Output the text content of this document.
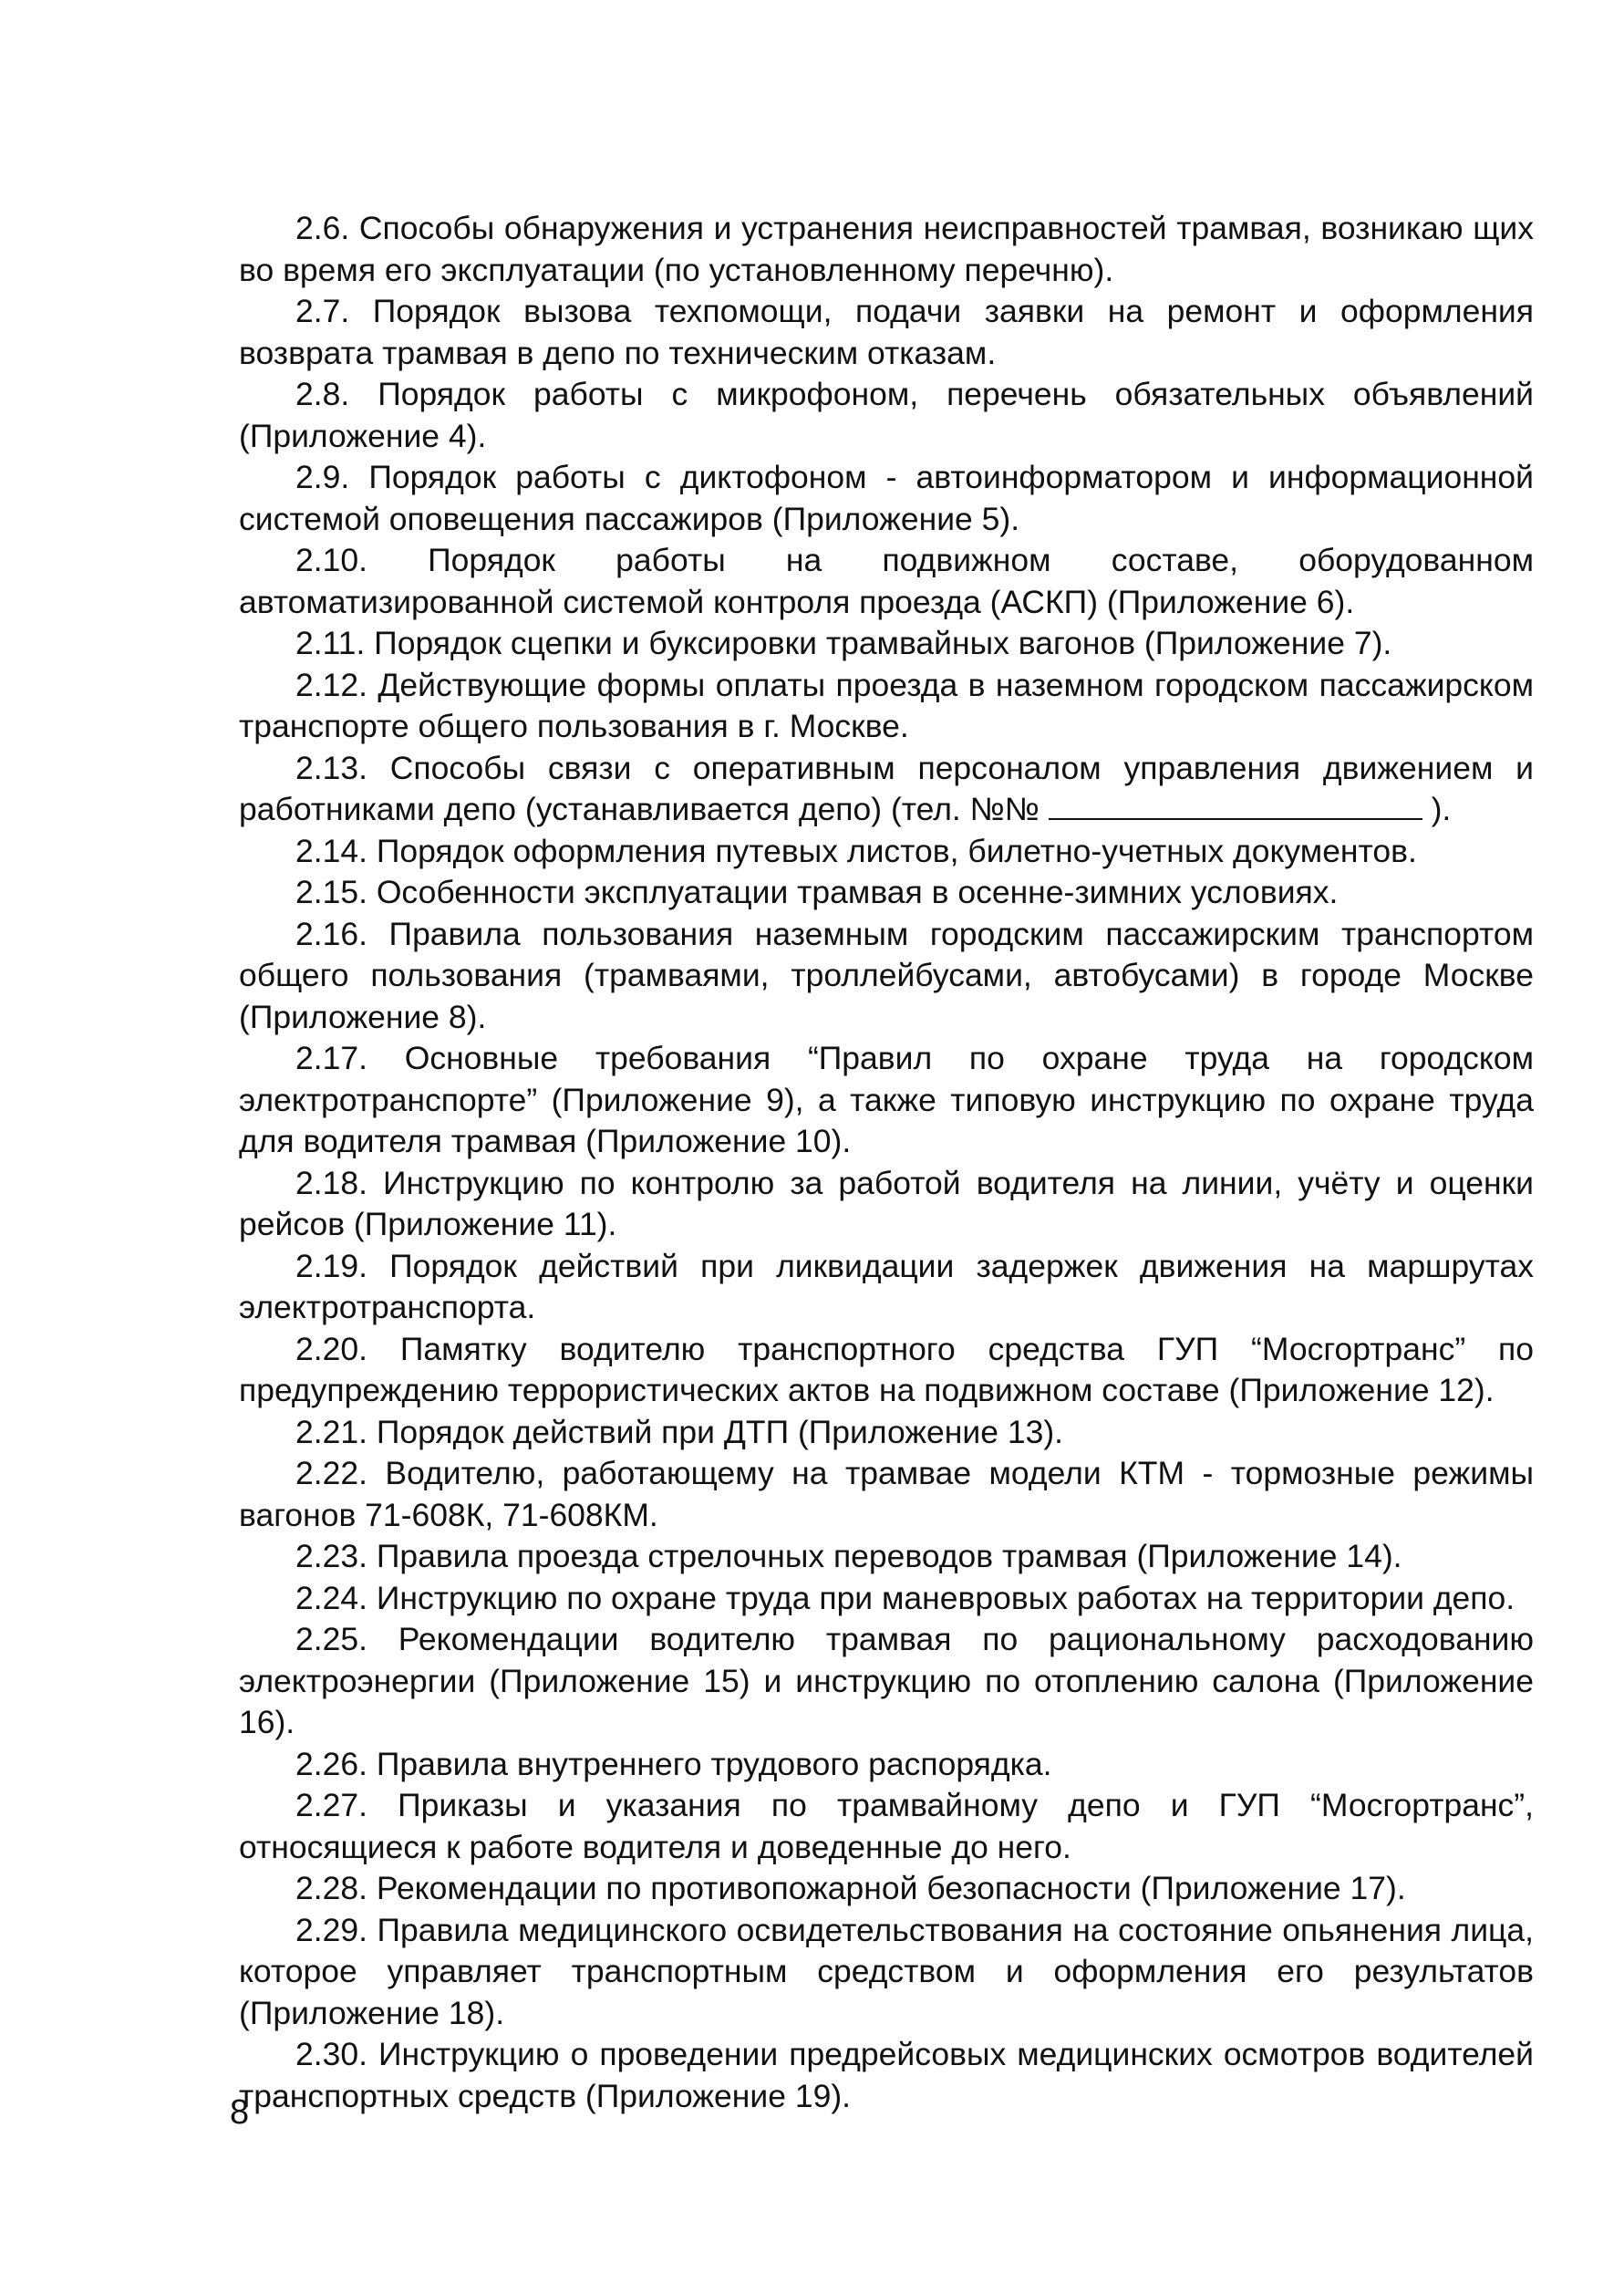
2.6. Способы обнаружения и устранения неисправностей трамвая, возникаю щих во время его эксплуатации (по установленному перечню).

2.7. Порядок вызова техпомощи, подачи заявки на ремонт и оформления возврата трамвая в депо по техническим отказам.

2.8. Порядок работы с микрофоном, перечень обязательных объявлений (Приложение 4).

2.9. Порядок работы с диктофоном - автоинформатором и информационной системой оповещения пассажиров (Приложение 5).

2.10. Порядок работы на подвижном составе, оборудованном автоматизированной системой контроля проезда (АСКП) (Приложение 6).

2.11. Порядок сцепки и буксировки трамвайных вагонов (Приложение 7).

2.12. Действующие формы оплаты проезда в наземном городском пассажирском транспорте общего пользования в г. Москве.

2.13. Способы связи с оперативным персоналом управления движением и работниками депо (устанавливается депо) (тел. №№	).

2.14. Порядок оформления путевых листов, билетно-учетных документов.

2.15. Особенности эксплуатации трамвая в осенне-зимних условиях.

2.16. Правила пользования наземным городским пассажирским транспортом общего пользования (трамваями, троллейбусами, автобусами) в городе Москве (Приложение 8).

2.17. Основные требования “Правил по охране труда на городском электротранспорте” (Приложение 9), а также типовую инструкцию по охране труда для водителя трамвая (Приложение 10).

2.18. Инструкцию по контролю за работой водителя на линии, учёту и оценки рейсов (Приложение 11).

2.19. Порядок действий при ликвидации задержек движения на маршрутах электротранспорта.

2.20. Памятку водителю транспортного средства ГУП “Мосгортранс” по предупреждению террористических актов на подвижном составе (Приложение 12).

2.21. Порядок действий при ДТП (Приложение 13).

2.22. Водителю, работающему на трамвае модели КТМ - тормозные режимы вагонов 71-608К, 71-608КМ.

2.23. Правила проезда стрелочных переводов трамвая (Приложение 14).

2.24. Инструкцию по охране труда при маневровых работах на территории депо.

2.25. Рекомендации водителю трамвая по рациональному расходованию электроэнергии (Приложение 15) и инструкцию по отоплению салона (Приложение 16).

2.26. Правила внутреннего трудового распорядка.

2.27. Приказы и указания по трамвайному депо и ГУП “Мосгортранс”, относящиеся к работе водителя и доведенные до него.

2.28. Рекомендации по противопожарной безопасности (Приложение 17).

2.29. Правила медицинского освидетельствования на состояние опьянения лица, которое управляет транспортным средством и оформления его результатов (Приложение 18).

2.30. Инструкцию о проведении предрейсовых медицинских осмотров водителей транспортных средств (Приложение 19).

8
